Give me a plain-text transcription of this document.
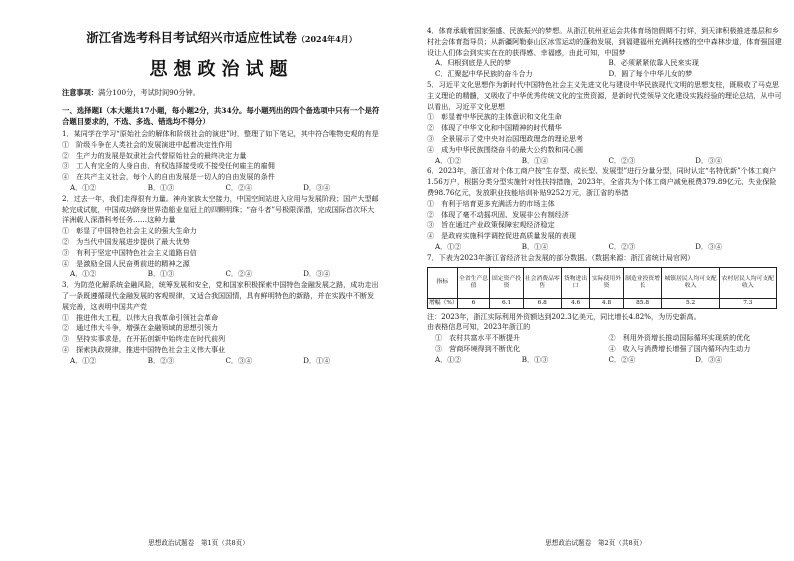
浙江省选考科目考试绍兴市适应性试卷（2024年4月）
思想政治试题
注意事项：满分100分，考试时间90分钟。
一、选择题Ⅰ（本大题共17小题，每小题2分，共34分。每小题列出的四个备选项中只有一个是符合题目要求的，不选、多选、错选均不得分）

1．某同学在学习“原始社会的解体和阶级社会的演进”时，整理了如下笔记，其中符合唯物史观的有是

①　阶级斗争在人类社会的发展演进中起着决定性作用

②　生产力的发展是奴隶社会代替原始社会的最终决定力量

③　工人有完全的人身自由，有权选择接受或不接受任何雇主的雇佣

④　在共产主义社会，每个人的自由发展是一切人的自由发展的条件

A．①②	B．①③	C．②④	D．③④

2．过去一年，我们走得很有力量。神舟家族太空接力，中国空间站进入应用与发展阶段；国产大型邮轮完成试航，中国成功跻身世界造船业皇冠上的四颗明珠；“奋斗者”号极限深潜，完成国际首次环大洋洲载人深潜科考任务……这种力量

①　彰显了中国特色社会主义的强大生命力

②　为当代中国发展进步提供了最大优势

③　有利于坚定中国特色社会主义道路自信

④　是激励全国人民奋勇前进的精神之源

A．①②	B．①③	C．②④	D．③④

3．为防范化解系统金融风险，统筹发展和安全，党和国家积极探索中国特色金融发展之路，成功走出了一条既遵循现代金融发展的客观规律，又适合我国国情，具有鲜明特色的新路，并在实践中不断发展完善，这表明中国共产党

①　推进伟大工程，以伟大自我革命引领社会革命

②　通过伟大斗争，增强在金融领域的思想引领力

③　坚持实事求是，在开拓创新中始终走在时代前列

④　探索执政规律，推进中国特色社会主义伟大事业

A．①②	B．②③	C．③④	D．①④
思想政治试题卷　第1页（共8页）

4．体育承载着国家强盛、民族振兴的梦想。从浙江杭州亚运会共体育场馆假期不打烊，到天津积极推进基层和乡村社会体育指导员；从新疆阿勒泰山区冰雪运动的蓬勃发展，到福建福州充满科技感的空中森林步道，体育强国建设让人们体会到实实在在的获得感、幸福感，由此可知，中国梦

A．归根到底是人民的梦	B．必须紧紧依靠人民来实现
C．汇聚起中华民族的奋斗合力	D．圆了每个中华儿女的梦

5．习近平文化思想作为新时代中国特色社会主义先进文化与建设中华民族现代文明的思想支柱，既吸收了马克思主义理论的精髓，又吸收了中华优秀传统文化的宝贵资源，是新时代党领导文化建设实践经验的理论总结，从中可以看出，习近平文化思想

①　彰显着中华民族的主体意识和文化生命

②　体现了中华文化和中国精神的时代精华

③　全景展示了党中央对治国理政理念的理论思考

④　成为中华民族围绕奋斗的最大公约数和同心圆

A．①②	B．①④	C．②③	D．③④

6．2023年，浙江省对个体工商户按“生存型、成长型、发展型”进行分量分型，同时认定“名特优新”个体工商户1.56万户，根据分类分型实施针对性扶持措施，2023年，全省共为个体工商户减免税费379.89亿元、失业保险费98.76亿元，发放职业技能培训补贴9252万元，浙江省的举措

①　有利于培育更多充满活力的市场主体

②　体现了毫不动摇巩固、发展非公有制经济

③　旨在通过产业政策保障宏观经济稳定

④　是政府实施科学调控促进高质量发展的表现

A．①②	B．①④	C．②③	D．③④

7．下表为2023年浙江省经济社会发展的部分数据。（数据来源：浙江省统计局官网）

指标	全省生产总值	固定资产投资	社会消费品零售	货物进出口	实际使用外资	制造业投资增长	城镇居民人均可支配收入	农村居民人均可支配收入
增幅（%）	6	6.1	6.8	4.6	4.8	85.8	5.2	7.3

注：2023年，浙江实际利用外资额达到202.3亿美元，同比增长4.82%，为历史新高。

由表格信息可知，2023年浙江的

①　农村共富水平不断提升	②　利用外资增长推动国际循环实现质的优化
③　营商环境得到不断优化	④　收入与消费增长增强了国内循环内生动力
A．①②	B．①③	C．②④	D．③④
思想政治试题卷　第2页（共8页）
